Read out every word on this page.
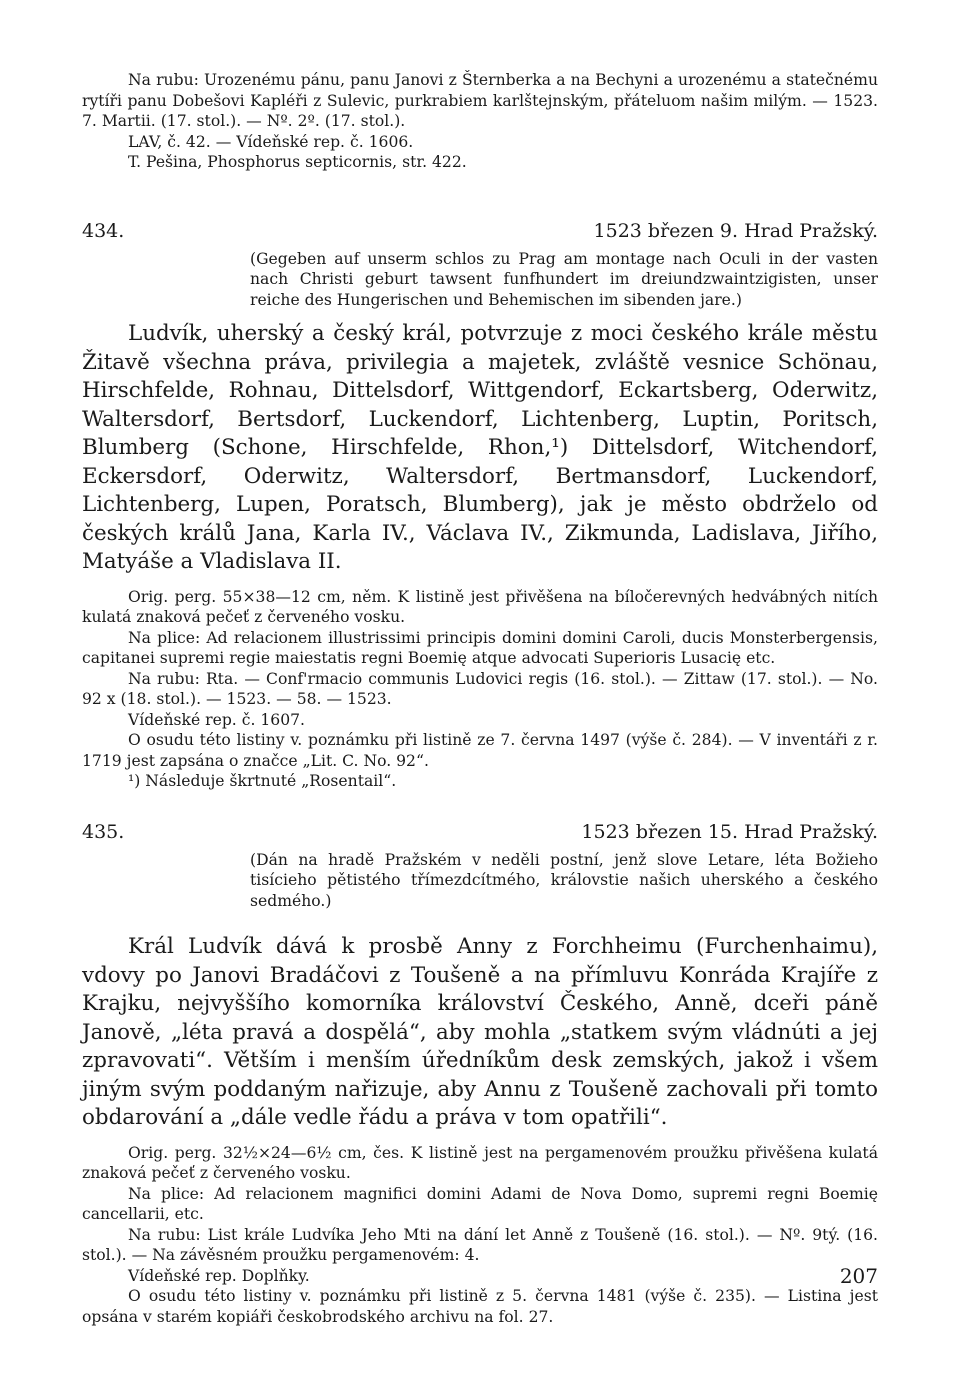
Na rubu: Urozenému pánu, panu Janovi z Šternberka a na Bechyni a urozenému a statečnému rytíři panu Dobešovi Kapléři z Sulevic, purkrabiem karlštejnským, přáteluom našim milým. — 1523. 7. Martii. (17. stol.). — Nº. 2º. (17. stol.).

LAV, č. 42. — Vídeňské rep. č. 1606.

T. Pešina, Phosphorus septicornis, str. 422.

434.	1523 březen 9. Hrad Pražský.
(Gegeben auf unserm schlos zu Prag am montage nach Oculi in der vasten nach Christi geburt tawsent funfhundert im dreiundzwaintzigisten, unser reiche des Hungerischen und Behemischen im sibenden jare.)
Ludvík, uherský a český král, potvrzuje z moci českého krále městu Žitavě všechna práva, privilegia a majetek, zvláště vesnice Schönau, Hirschfelde, Rohnau, Dittelsdorf, Wittgendorf, Eckartsberg, Oderwitz, Waltersdorf, Bertsdorf, Luckendorf, Lichtenberg, Luptin, Poritsch, Blumberg (Schone, Hirschfelde, Rhon,¹) Dittelsdorf, Witchendorf, Eckersdorf, Oderwitz, Waltersdorf, Bertmansdorf, Luckendorf, Lichtenberg, Lupen, Poratsch, Blumberg), jak je město obdrželo od českých králů Jana, Karla IV., Václava IV., Zikmunda, Ladislava, Jiřího, Matyáše a Vladislava II.

Orig. perg. 55×38—12 cm, něm. K listině jest přivěšena na bíločerevných hedvábných nitích kulatá znaková pečeť z červeného vosku.

Na plice: Ad relacionem illustrissimi principis domini domini Caroli, ducis Monsterbergensis, capitanei supremi regie maiestatis regni Boemię atque advocati Superioris Lusacię etc.

Na rubu: Rta. — Conf'rmacio communis Ludovici regis (16. stol.). — Zittaw (17. stol.). — No. 92 x (18. stol.). — 1523. — 58. — 1523.

Vídeňské rep. č. 1607.

O osudu této listiny v. poznámku při listině ze 7. června 1497 (výše č. 284). — V inventáři z r. 1719 jest zapsána o značce „Lit. C. No. 92“.

¹) Následuje škrtnuté „Rosentail“.

435.	1523 březen 15. Hrad Pražský.
(Dán na hradě Pražském v neděli postní, jenž slove Letare, léta Božieho tisícieho pětistého třímezdcítmého, královstie našich uherského a českého sedmého.)
Král Ludvík dává k prosbě Anny z Forchheimu (Furchenhaimu), vdovy po Janovi Bradáčovi z Toušeně a na přímluvu Konráda Krajíře z Krajku, nejvyššího komorníka království Českého, Anně, dceři páně Janově, „léta pravá a dospělá“, aby mohla „statkem svým vládnúti a jej zpravovati“. Větším i menším úředníkům desk zemských, jakož i všem jiným svým poddaným nařizuje, aby Annu z Toušeně zachovali při tomto obdarování a „dále vedle řádu a práva v tom opatřili“.

Orig. perg. 32½×24—6½ cm, čes. K listině jest na pergamenovém proužku přivěšena kulatá znaková pečeť z červeného vosku.

Na plice: Ad relacionem magnifici domini Adami de Nova Domo, supremi regni Boemię cancellarii, etc.

Na rubu: List krále Ludvíka Jeho Mti na dání let Anně z Toušeně (16. stol.). — Nº. 9tý. (16. stol.). — Na závěsném proužku pergamenovém: 4.

Vídeňské rep. Doplňky.

O osudu této listiny v. poznámku při listině z 5. června 1481 (výše č. 235). — Listina jest opsána v starém kopiáři českobrodského archivu na fol. 27.

207
